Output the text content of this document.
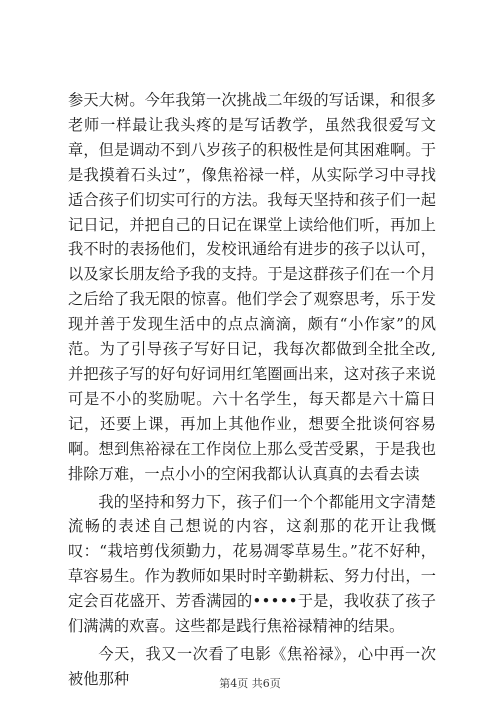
参天大树。今年我第一次挑战二年级的写话课，和很多老师一样最让我头疼的是写话教学，虽然我很爱写文章，但是调动不到八岁孩子的积极性是何其困难啊。于是我摸着石头过”，像焦裕禄一样，从实际学习中寻找适合孩子们切实可行的方法。我每天坚持和孩子们一起记日记，并把自己的日记在课堂上读给他们听，再加上我不时的表扬他们，发校讯通给有进步的孩子以认可，以及家长朋友给予我的支持。于是这群孩子们在一个月之后给了我无限的惊喜。他们学会了观察思考，乐于发现并善于发现生活中的点点滴滴，颇有“小作家”的风范。为了引导孩子写好日记，我每次都做到全批全改,并把孩子写的好句好词用红笔圈画出来，这对孩子来说可是不小的奖励呢。六十名学生，每天都是六十篇日记，还要上课，再加上其他作业，想要全批谈何容易啊。想到焦裕禄在工作岗位上那么受苦受累，于是我也排除万难，一点小小的空闲我都认认真真的去看去读

我的坚持和努力下，孩子们一个个都能用文字清楚流畅的表述自己想说的内容，这刹那的花开让我慨叹：“栽培剪伐须勤力，花易凋零草易生。”花不好种，草容易生。作为教师如果时时辛勤耕耘、努力付出，一定会百花盛开、芳香满园的•••••于是，我收获了孩子们满满的欢喜。这些都是践行焦裕禄精神的结果。

今天，我又一次看了电影《焦裕禄》，心中再一次被他那种	第4页 共6页
